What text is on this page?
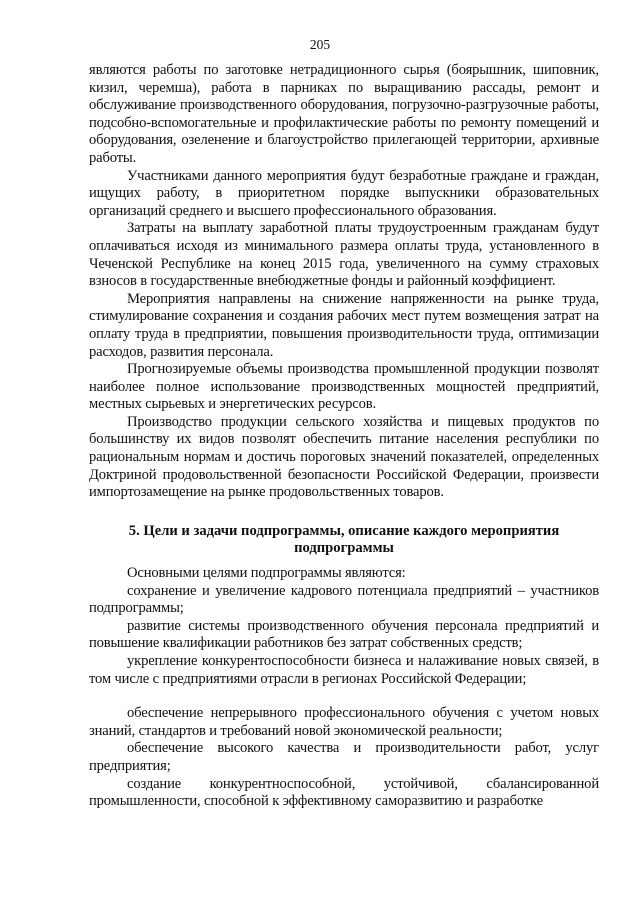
205

являются работы по заготовке нетрадиционного сырья (боярышник, шиповник, кизил, черемша), работа в парниках по выращиванию рассады, ремонт и обслуживание производственного оборудования, погрузочно-разгрузочные работы, подсобно-вспомогательные и профилактические работы по ремонту помещений и оборудования, озеленение и благоустройство прилегающей территории, архивные работы.

Участниками данного мероприятия будут безработные граждане и граждан, ищущих работу, в приоритетном порядке выпускники образовательных организаций среднего и высшего профессионального образования.

Затраты на выплату заработной платы трудоустроенным гражданам будут оплачиваться исходя из минимального размера оплаты труда, установленного в Чеченской Республике на конец 2015 года, увеличенного на сумму страховых взносов в государственные внебюджетные фонды и районный коэффициент.

Мероприятия направлены на снижение напряженности на рынке труда, стимулирование сохранения и создания рабочих мест путем возмещения затрат на оплату труда в предприятии, повышения производительности труда, оптимизации расходов, развития персонала.

Прогнозируемые объемы производства промышленной продукции позволят наиболее полное использование производственных мощностей предприятий, местных сырьевых и энергетических ресурсов.

Производство продукции сельского хозяйства и пищевых продуктов по большинству их видов позволят обеспечить питание населения республики по рациональным нормам и достичь пороговых значений показателей, определенных Доктриной продовольственной безопасности Российской Федерации, произвести импортозамещение на рынке продовольственных товаров.

5. Цели и задачи подпрограммы, описание каждого мероприятия
подпрограммы

Основными целями подпрограммы являются:

сохранение и увеличение кадрового потенциала предприятий – участников подпрограммы;

развитие системы производственного обучения персонала предприятий и повышение квалификации работников без затрат собственных средств;

укрепление конкурентоспособности бизнеса и налаживание новых связей, в том числе с предприятиями отрасли в регионах Российской Федерации;

обеспечение непрерывного профессионального обучения с учетом новых знаний, стандартов и требований новой экономической реальности;

обеспечение высокого качества и производительности работ, услуг предприятия;

создание конкурентноспособной, устойчивой, сбалансированной промышленности, способной к эффективному саморазвитию и разработке
